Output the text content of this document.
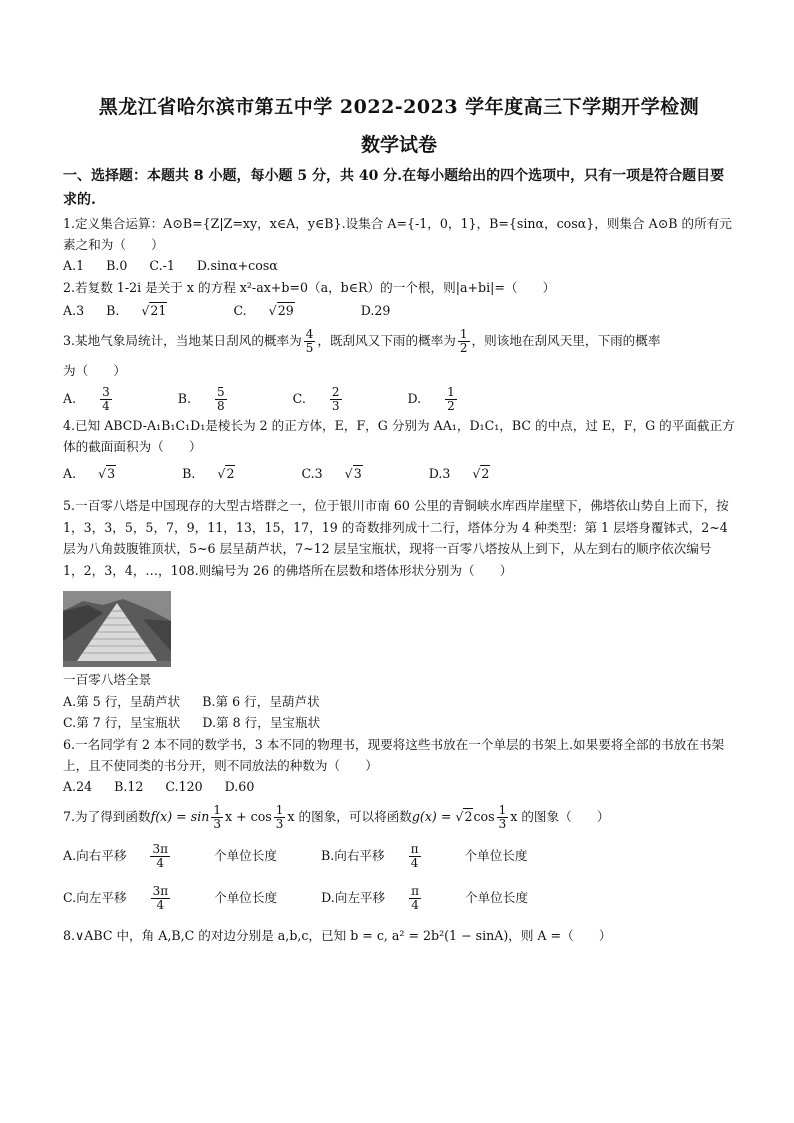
黑龙江省哈尔滨市第五中学 2022-2023 学年度高三下学期开学检测
数学试卷
一、选择题：本题共 8 小题，每小题 5 分，共 40 分.在每小题给出的四个选项中，只有一项是符合题目要求的.
1.定义集合运算：A⊙B={Z|Z=xy，x∈A，y∈B}.设集合 A={-1，0，1}，B={sinα，cosα}，则集合 A⊙B 的所有元素之和为（　　）
A.1 B.0 C.-1 D.sinα+cosα
2.若复数 1-2i 是关于 x 的方程 x²-ax+b=0（a，b∈R）的一个根，则|a+bi|=（　　）
A.3 B. √21	C. √29	D.29
3.某地气象局统计，当地某日刮风的概率为 $\frac{4}{5}$ ，既刮风又下雨的概率为 $\frac{1}{2}$ ，则该地在刮风天里，下雨的概率
为（　　）
A. $\frac{3}{4}$	B. $\frac{5}{8}$	C. $\frac{2}{3}$	D. $\frac{1}{2}$
4.已知 ABCD-A₁B₁C₁D₁是棱长为 2 的正方体，E，F，G 分别为 AA₁，D₁C₁，BC 的中点，过 E，F，G 的平面截正方体的截面面积为（　　）
A. √3	B. √2	C.3 √3	D.3 √2
5.一百零八塔是中国现存的大型古塔群之一，位于银川市南 60 公里的青铜峡水库西岸崖壁下，佛塔依山势自上而下，按 1，3，3，5，5，7，9，11，13，15，17，19 的奇数排列成十二行，塔体分为 4 种类型：第 1 层塔身覆钵式，2~4 层为八角鼓腹锥顶状，5~6 层呈葫芦状，7~12 层呈宝瓶状，现将一百零八塔按从上到下，从左到右的顺序依次编号 1，2，3，4，…，108.则编号为 26 的佛塔所在层数和塔体形状分别为（　　）
一百零八塔全景
A.第 5 行，呈葫芦状 B.第 6 行，呈葫芦状
C.第 7 行，呈宝瓶状 D.第 8 行，呈宝瓶状
6.一名同学有 2 本不同的数学书，3 本不同的物理书，现要将这些书放在一个单层的书架上.如果要将全部的书放在书架上，且不使同类的书分开，则不同放法的种数为（　　）
A.24 B.12 C.120 D.60
7.为了得到函数$f(x) = \sin \frac{1}{3}$ $x + \cos \frac{1}{3}$ x 的图象，可以将函数$g(x) = √2\cos \frac{1}{3}$ x 的图象（　　）
A.向右平移 $\frac{3\pi}{4}$ 个单位长度	B.向右平移 $\frac{\pi}{4}$ 个单位长度
C.向左平移 $\frac{3\pi}{4}$ 个单位长度	D.向左平移 $\frac{\pi}{4}$ 个单位长度
8.∨ABC 中，角 A,B,C 的对边分别是 a,b,c，已知 b = c, a² = 2b²(1 − sinA)，则 A =（　　）
